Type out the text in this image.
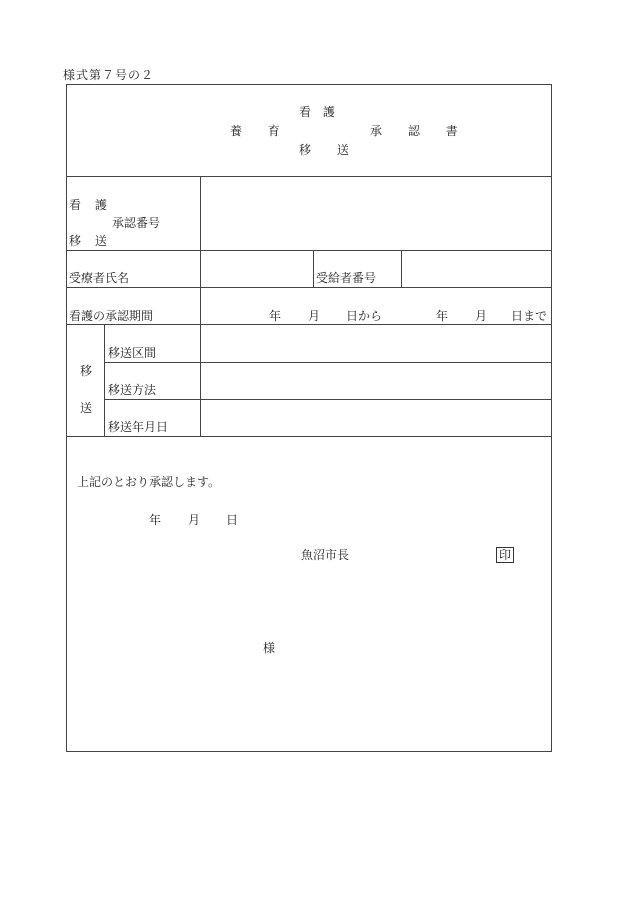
様式第７号の２
看 護
養 育	承 認 書
移 送
看 護
承認番号
移 送
受療者氏名	受給者番号
看護の承認期間	年 月 日から	年 月 日まで
移
送
移送区間
移送方法
移送年月日
上記のとおり承認します。
年 月 日
魚沼市長	印
様
